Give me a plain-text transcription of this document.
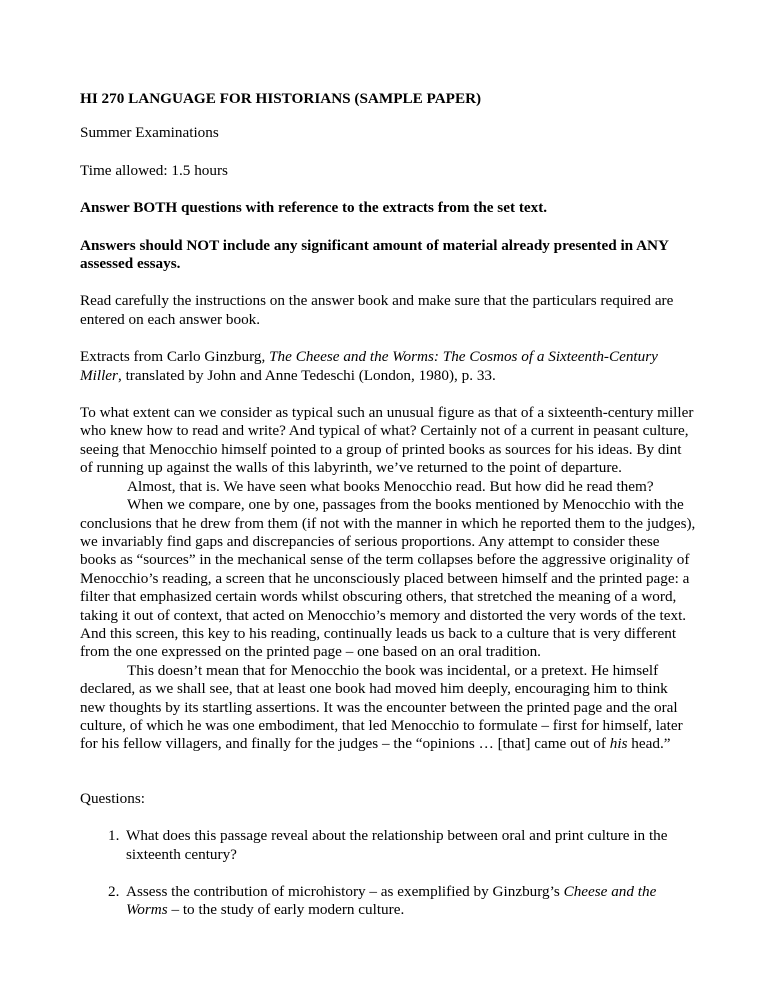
HI 270 LANGUAGE FOR HISTORIANS (SAMPLE PAPER)

Summer Examinations

Time allowed: 1.5 hours

Answer BOTH questions with reference to the extracts from the set text.

Answers should NOT include any significant amount of material already presented in ANY assessed essays.

Read carefully the instructions on the answer book and make sure that the particulars required are entered on each answer book.

Extracts from Carlo Ginzburg, The Cheese and the Worms: The Cosmos of a Sixteenth-Century Miller, translated by John and Anne Tedeschi (London, 1980), p. 33.

To what extent can we consider as typical such an unusual figure as that of a sixteenth-century miller who knew how to read and write? And typical of what? Certainly not of a current in peasant culture, seeing that Menocchio himself pointed to a group of printed books as sources for his ideas. By dint of running up against the walls of this labyrinth, we’ve returned to the point of departure.

Almost, that is. We have seen what books Menocchio read. But how did he read them?

When we compare, one by one, passages from the books mentioned by Menocchio with the conclusions that he drew from them (if not with the manner in which he reported them to the judges), we invariably find gaps and discrepancies of serious proportions. Any attempt to consider these books as “sources” in the mechanical sense of the term collapses before the aggressive originality of Menocchio’s reading, a screen that he unconsciously placed between himself and the printed page: a filter that emphasized certain words whilst obscuring others, that stretched the meaning of a word, taking it out of context, that acted on Menocchio’s memory and distorted the very words of the text. And this screen, this key to his reading, continually leads us back to a culture that is very different from the one expressed on the printed page – one based on an oral tradition.

This doesn’t mean that for Menocchio the book was incidental, or a pretext. He himself declared, as we shall see, that at least one book had moved him deeply, encouraging him to think new thoughts by its startling assertions. It was the encounter between the printed page and the oral culture, of which he was one embodiment, that led Menocchio to formulate – first for himself, later for his fellow villagers, and finally for the judges – the “opinions … [that] came out of his head.”

Questions:

1. What does this passage reveal about the relationship between oral and print culture in the sixteenth century?
2. Assess the contribution of microhistory – as exemplified by Ginzburg’s Cheese and the Worms – to the study of early modern culture.
